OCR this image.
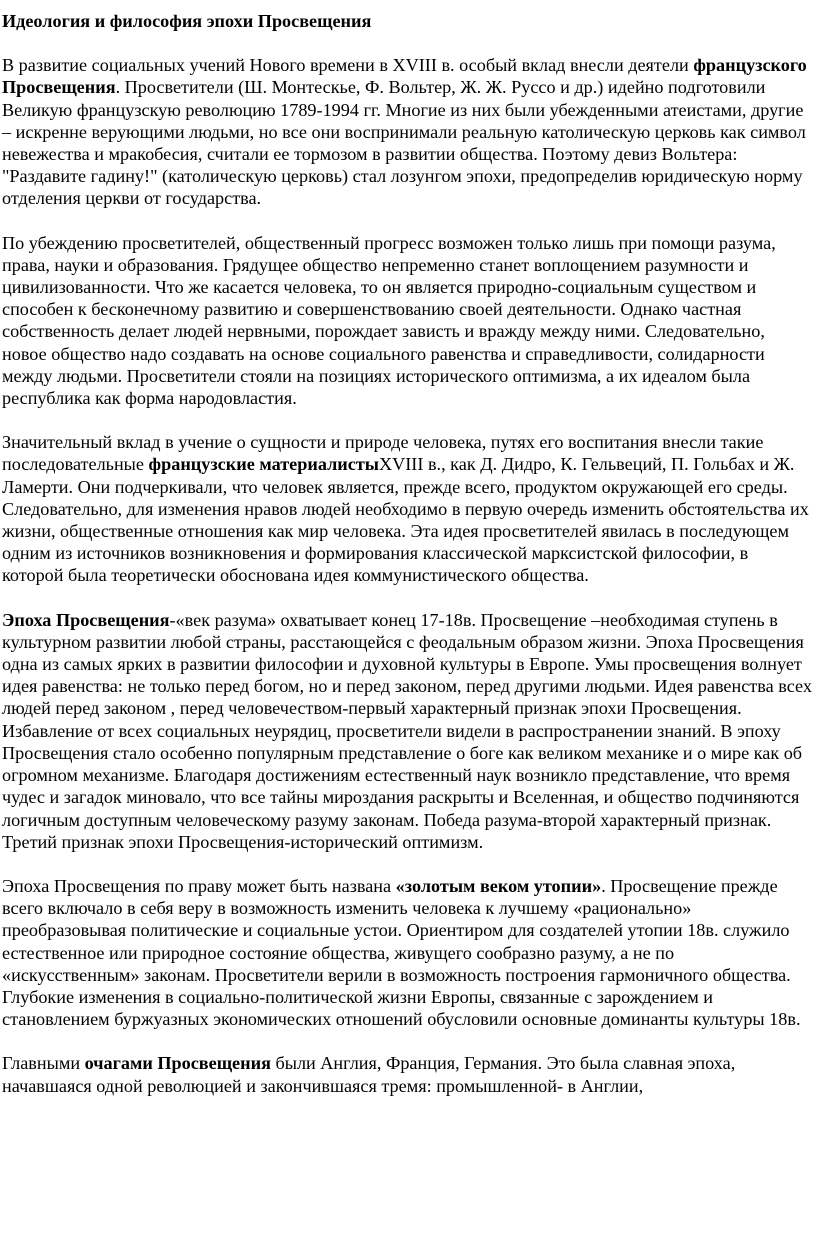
Идеология и философия эпохи Просвещения

В развитие социальных учений Нового времени в XVIII в. особый вклад внесли деятели французского Просвещения. Просветители (Ш. Монтескье, Ф. Вольтер, Ж. Ж. Руссо и др.) идейно подготовили Великую французскую революцию 1789-1994 гг. Многие из них были убежденными атеистами, другие – искренне верующими людьми, но все они воспринимали реальную католическую церковь как символ невежества и мракобесия, считали ее тормозом в развитии общества. Поэтому девиз Вольтера: "Раздавите гадину!" (католическую церковь) стал лозунгом эпохи, предопределив юридическую норму отделения церкви от государства.

По убеждению просветителей, общественный прогресс возможен только лишь при помощи разума, права, науки и образования. Грядущее общество непременно станет воплощением разумности и цивилизованности. Что же касается человека, то он является природно-социальным существом и способен к бесконечному развитию и совершенствованию своей деятельности. Однако частная собственность делает людей нервными, порождает зависть и вражду между ними. Следовательно, новое общество надо создавать на основе социального равенства и справедливости, солидарности между людьми. Просветители стояли на позициях исторического оптимизма, а их идеалом была республика как форма народовластия.

Значительный вклад в учение о сущности и природе человека, путях его воспитания внесли такие последовательные французские материалистыXVIII в., как Д. Дидро, К. Гельвеций, П. Гольбах и Ж. Ламерти. Они подчеркивали, что человек является, прежде всего, продуктом окружающей его среды. Следовательно, для изменения нравов людей необходимо в первую очередь изменить обстоятельства их жизни, общественные отношения как мир человека. Эта идея просветителей явилась в последующем одним из источников возникновения и формирования классической марксистской философии, в которой была теоретически обоснована идея коммунистического общества.

Эпоха Просвещения-«век разума» охватывает конец 17-18в. Просвещение –необходимая ступень в культурном развитии любой страны, расстающейся с феодальным образом жизни. Эпоха Просвещения одна из самых ярких в развитии философии и духовной культуры в Европе. Умы просвещения волнует идея равенства: не только перед богом, но и перед законом, перед другими людьми. Идея равенства всех людей перед законом , перед человечеством-первый характерный признак эпохи Просвещения. Избавление от всех социальных неурядиц, просветители видели в распространении знаний. В эпоху Просвещения стало особенно популярным представление о боге как великом механике и о мире как об огромном механизме. Благодаря достижениям естественный наук возникло представление, что время чудес и загадок миновало, что все тайны мироздания раскрыты и Вселенная, и общество подчиняются логичным доступным человеческому разуму законам. Победа разума-второй характерный признак. Третий признак эпохи Просвещения-исторический оптимизм.

Эпоха Просвещения по праву может быть названа «золотым веком утопии». Просвещение прежде всего включало в себя веру в возможность изменить человека к лучшему «рационально» преобразовывая политические и социальные устои. Ориентиром для создателей утопии 18в. служило естественное или природное состояние общества, живущего сообразно разуму, а не по «искусственным» законам. Просветители верили в возможность построения гармоничного общества. Глубокие изменения в социально-политической жизни Европы, связанные с зарождением и становлением буржуазных экономических отношений обусловили основные доминанты культуры 18в.

Главными очагами Просвещения были Англия, Франция, Германия. Это была славная эпоха, начавшаяся одной революцией и закончившаяся тремя: промышленной- в Англии,
